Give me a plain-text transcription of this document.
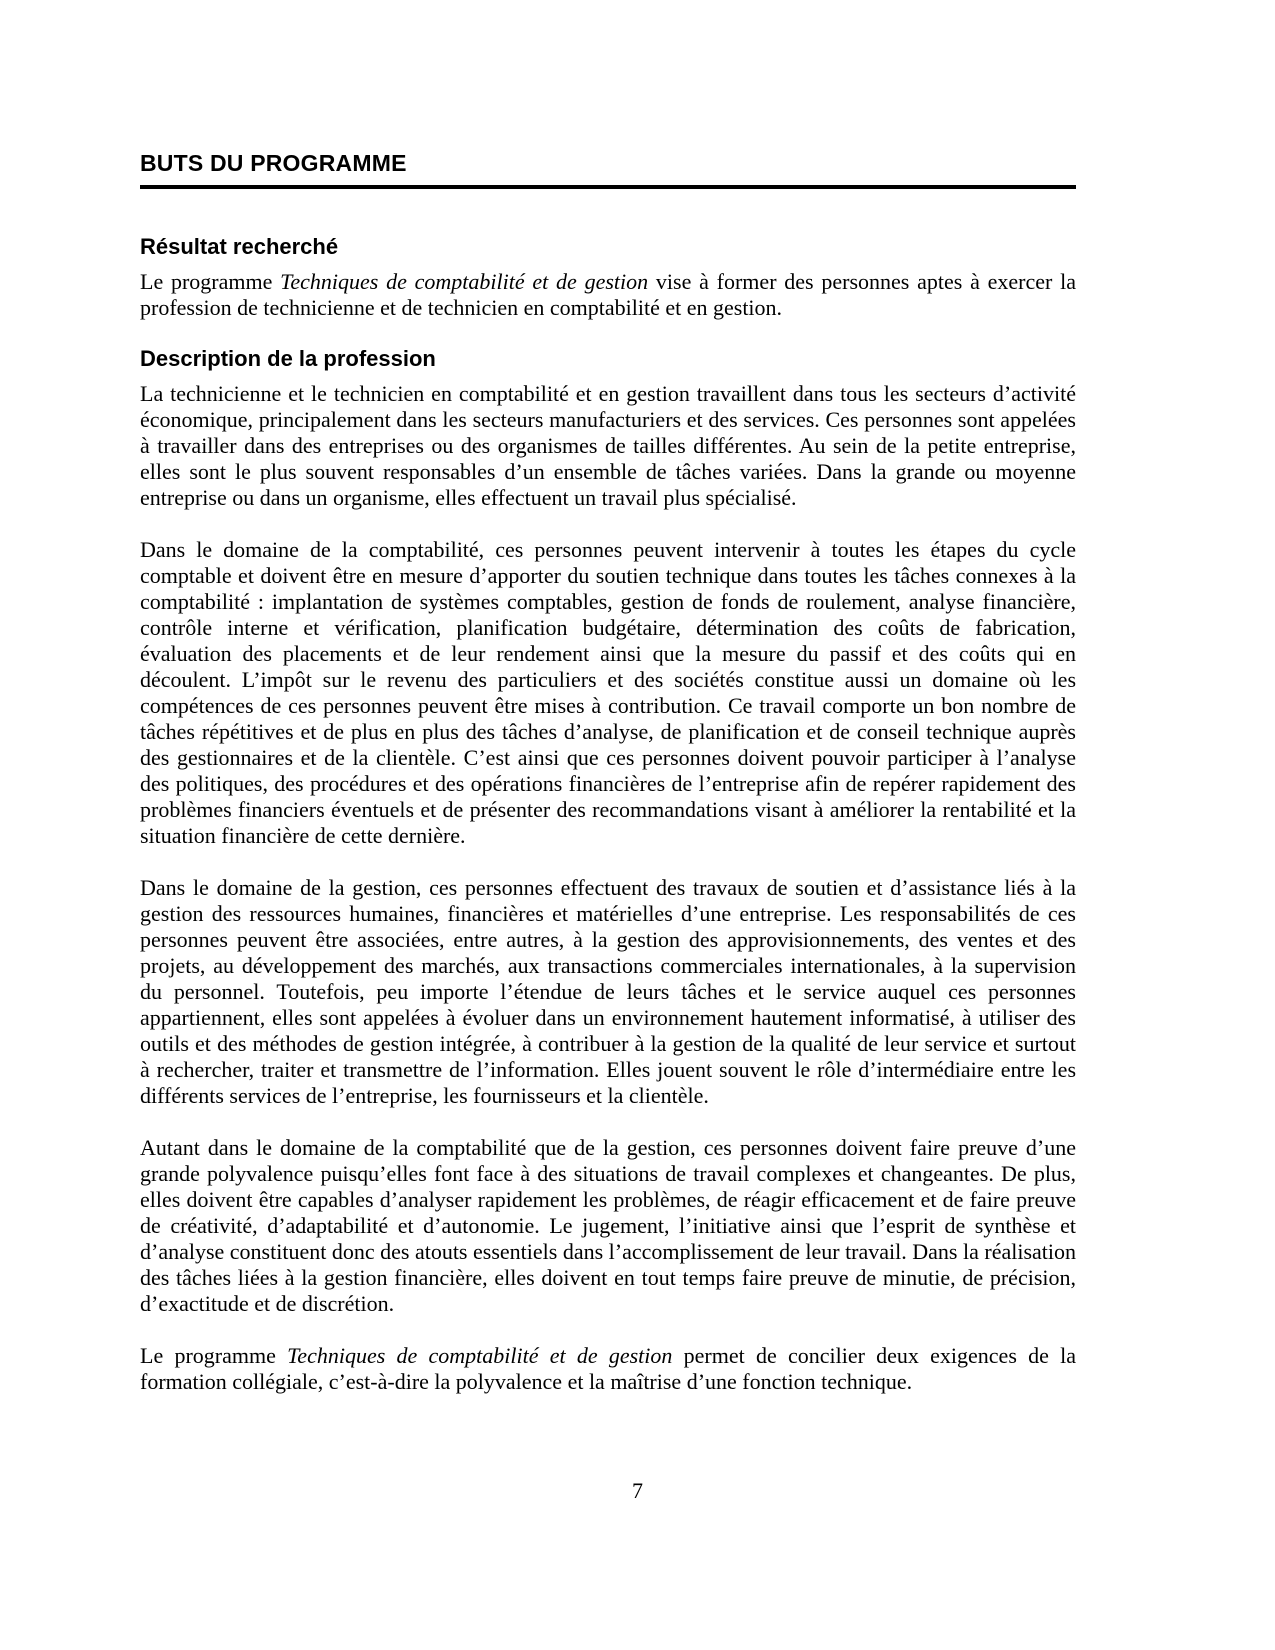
BUTS DU PROGRAMME
Résultat recherché

Le programme Techniques de comptabilité et de gestion vise à former des personnes aptes à exercer la profession de technicienne et de technicien en comptabilité et en gestion.

Description de la profession

La technicienne et le technicien en comptabilité et en gestion travaillent dans tous les secteurs d’activité économique, principalement dans les secteurs manufacturiers et des services. Ces personnes sont appelées à travailler dans des entreprises ou des organismes de tailles différentes. Au sein de la petite entreprise, elles sont le plus souvent responsables d’un ensemble de tâches variées. Dans la grande ou moyenne entreprise ou dans un organisme, elles effectuent un travail plus spécialisé.

Dans le domaine de la comptabilité, ces personnes peuvent intervenir à toutes les étapes du cycle comptable et doivent être en mesure d’apporter du soutien technique dans toutes les tâches connexes à la comptabilité : implantation de systèmes comptables, gestion de fonds de roulement, analyse financière, contrôle interne et vérification, planification budgétaire, détermination des coûts de fabrication, évaluation des placements et de leur rendement ainsi que la mesure du passif et des coûts qui en découlent. L’impôt sur le revenu des particuliers et des sociétés constitue aussi un domaine où les compétences de ces personnes peuvent être mises à contribution. Ce travail comporte un bon nombre de tâches répétitives et de plus en plus des tâches d’analyse, de planification et de conseil technique auprès des gestionnaires et de la clientèle. C’est ainsi que ces personnes doivent pouvoir participer à l’analyse des politiques, des procédures et des opérations financières de l’entreprise afin de repérer rapidement des problèmes financiers éventuels et de présenter des recommandations visant à améliorer la rentabilité et la situation financière de cette dernière.

Dans le domaine de la gestion, ces personnes effectuent des travaux de soutien et d’assistance liés à la gestion des ressources humaines, financières et matérielles d’une entreprise. Les responsabilités de ces personnes peuvent être associées, entre autres, à la gestion des approvisionnements, des ventes et des projets, au développement des marchés, aux transactions commerciales internationales, à la supervision du personnel. Toutefois, peu importe l’étendue de leurs tâches et le service auquel ces personnes appartiennent, elles sont appelées à évoluer dans un environnement hautement informatisé, à utiliser des outils et des méthodes de gestion intégrée, à contribuer à la gestion de la qualité de leur service et surtout à rechercher, traiter et transmettre de l’information. Elles jouent souvent le rôle d’intermédiaire entre les différents services de l’entreprise, les fournisseurs et la clientèle.

Autant dans le domaine de la comptabilité que de la gestion, ces personnes doivent faire preuve d’une grande polyvalence puisqu’elles font face à des situations de travail complexes et changeantes. De plus, elles doivent être capables d’analyser rapidement les problèmes, de réagir efficacement et de faire preuve de créativité, d’adaptabilité et d’autonomie. Le jugement, l’initiative ainsi que l’esprit de synthèse et d’analyse constituent donc des atouts essentiels dans l’accomplissement de leur travail. Dans la réalisation des tâches liées à la gestion financière, elles doivent en tout temps faire preuve de minutie, de précision, d’exactitude et de discrétion.

Le programme Techniques de comptabilité et de gestion permet de concilier deux exigences de la formation collégiale, c’est-à-dire la polyvalence et la maîtrise d’une fonction technique.

7
